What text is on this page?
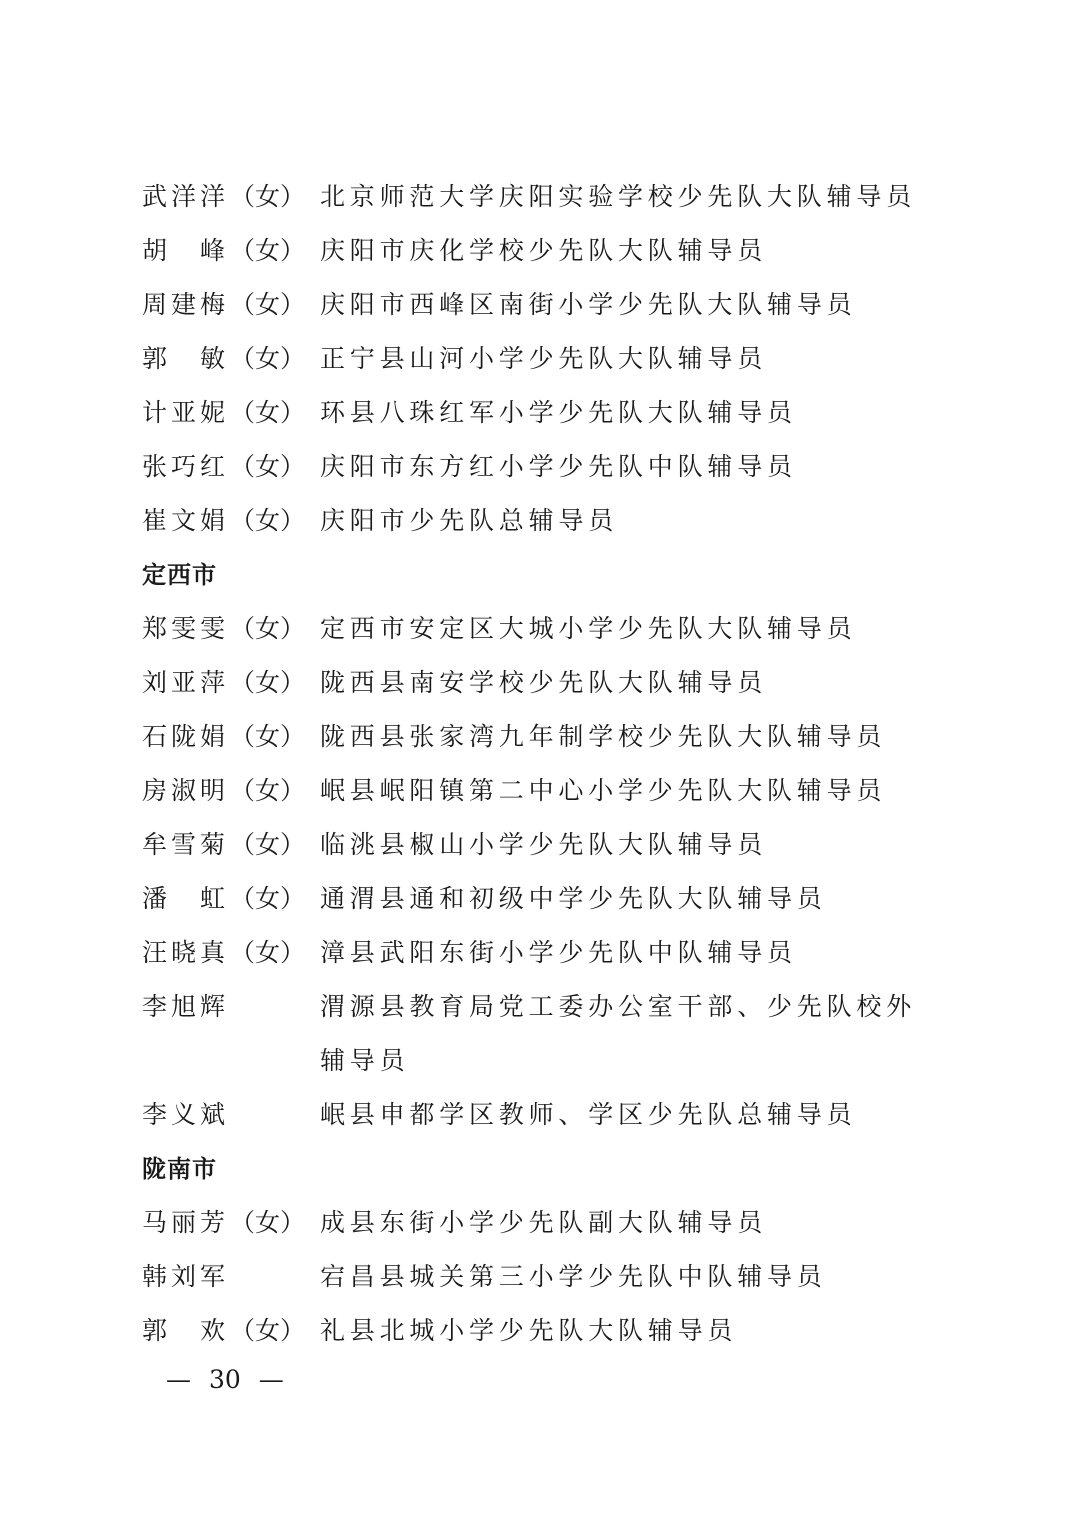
武洋洋 （女） 北京师范大学庆阳实验学校少先队大队辅导员
胡　峰 （女） 庆阳市庆化学校少先队大队辅导员
周建梅 （女） 庆阳市西峰区南街小学少先队大队辅导员
郭　敏 （女） 正宁县山河小学少先队大队辅导员
计亚妮 （女） 环县八珠红军小学少先队大队辅导员
张巧红 （女） 庆阳市东方红小学少先队中队辅导员
崔文娟 （女） 庆阳市少先队总辅导员
定西市
郑雯雯 （女） 定西市安定区大城小学少先队大队辅导员
刘亚萍 （女） 陇西县南安学校少先队大队辅导员
石陇娟 （女） 陇西县张家湾九年制学校少先队大队辅导员
房淑明 （女） 岷县岷阳镇第二中心小学少先队大队辅导员
牟雪菊 （女） 临洮县椒山小学少先队大队辅导员
潘　虹 （女） 通渭县通和初级中学少先队大队辅导员
汪晓真 （女） 漳县武阳东街小学少先队中队辅导员
李旭辉	渭源县教育局党工委办公室干部、少先队校外辅导员
李义斌	岷县申都学区教师、学区少先队总辅导员
陇南市
马丽芳 （女） 成县东街小学少先队副大队辅导员
韩刘军	宕昌县城关第三小学少先队中队辅导员
郭　欢 （女） 礼县北城小学少先队大队辅导员
— 30 —
